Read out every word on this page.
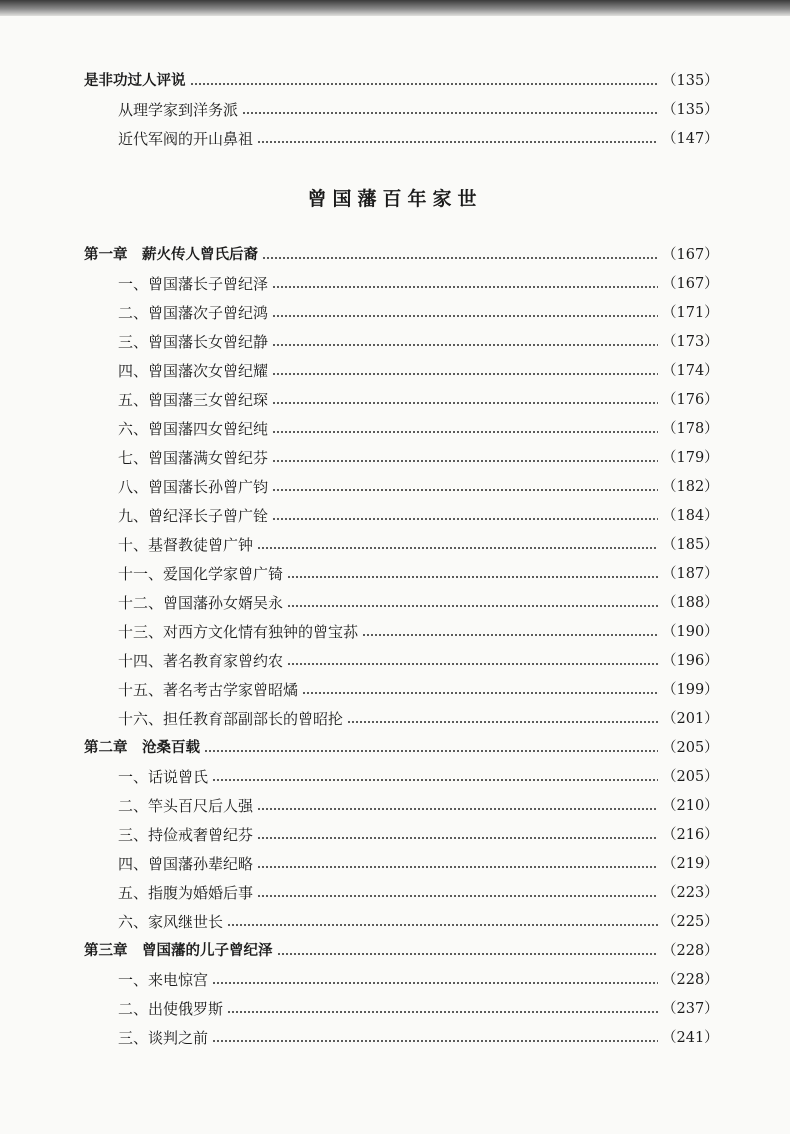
是非功过人评说	（135）
从理学家到洋务派	（135）
近代军阀的开山鼻祖	（147）
曾国藩百年家世
第一章　薪火传人曾氏后裔	（167）
一、曾国藩长子曾纪泽	（167）
二、曾国藩次子曾纪鸿	（171）
三、曾国藩长女曾纪静	（173）
四、曾国藩次女曾纪耀	（174）
五、曾国藩三女曾纪琛	（176）
六、曾国藩四女曾纪纯	（178）
七、曾国藩满女曾纪芬	（179）
八、曾国藩长孙曾广钧	（182）
九、曾纪泽长子曾广铨	（184）
十、基督教徒曾广钟	（185）
十一、爱国化学家曾广锜	（187）
十二、曾国藩孙女婿吴永	（188）
十三、对西方文化情有独钟的曾宝荪	（190）
十四、著名教育家曾约农	（196）
十五、著名考古学家曾昭燏	（199）
十六、担任教育部副部长的曾昭抡	（201）
第二章　沧桑百载	（205）
一、话说曾氏	（205）
二、竿头百尺后人强	（210）
三、持俭戒奢曾纪芬	（216）
四、曾国藩孙辈纪略	（219）
五、指腹为婚婚后事	（223）
六、家风继世长	（225）
第三章　曾国藩的儿子曾纪泽	（228）
一、来电惊宫	（228）
二、出使俄罗斯	（237）
三、谈判之前	（241）
